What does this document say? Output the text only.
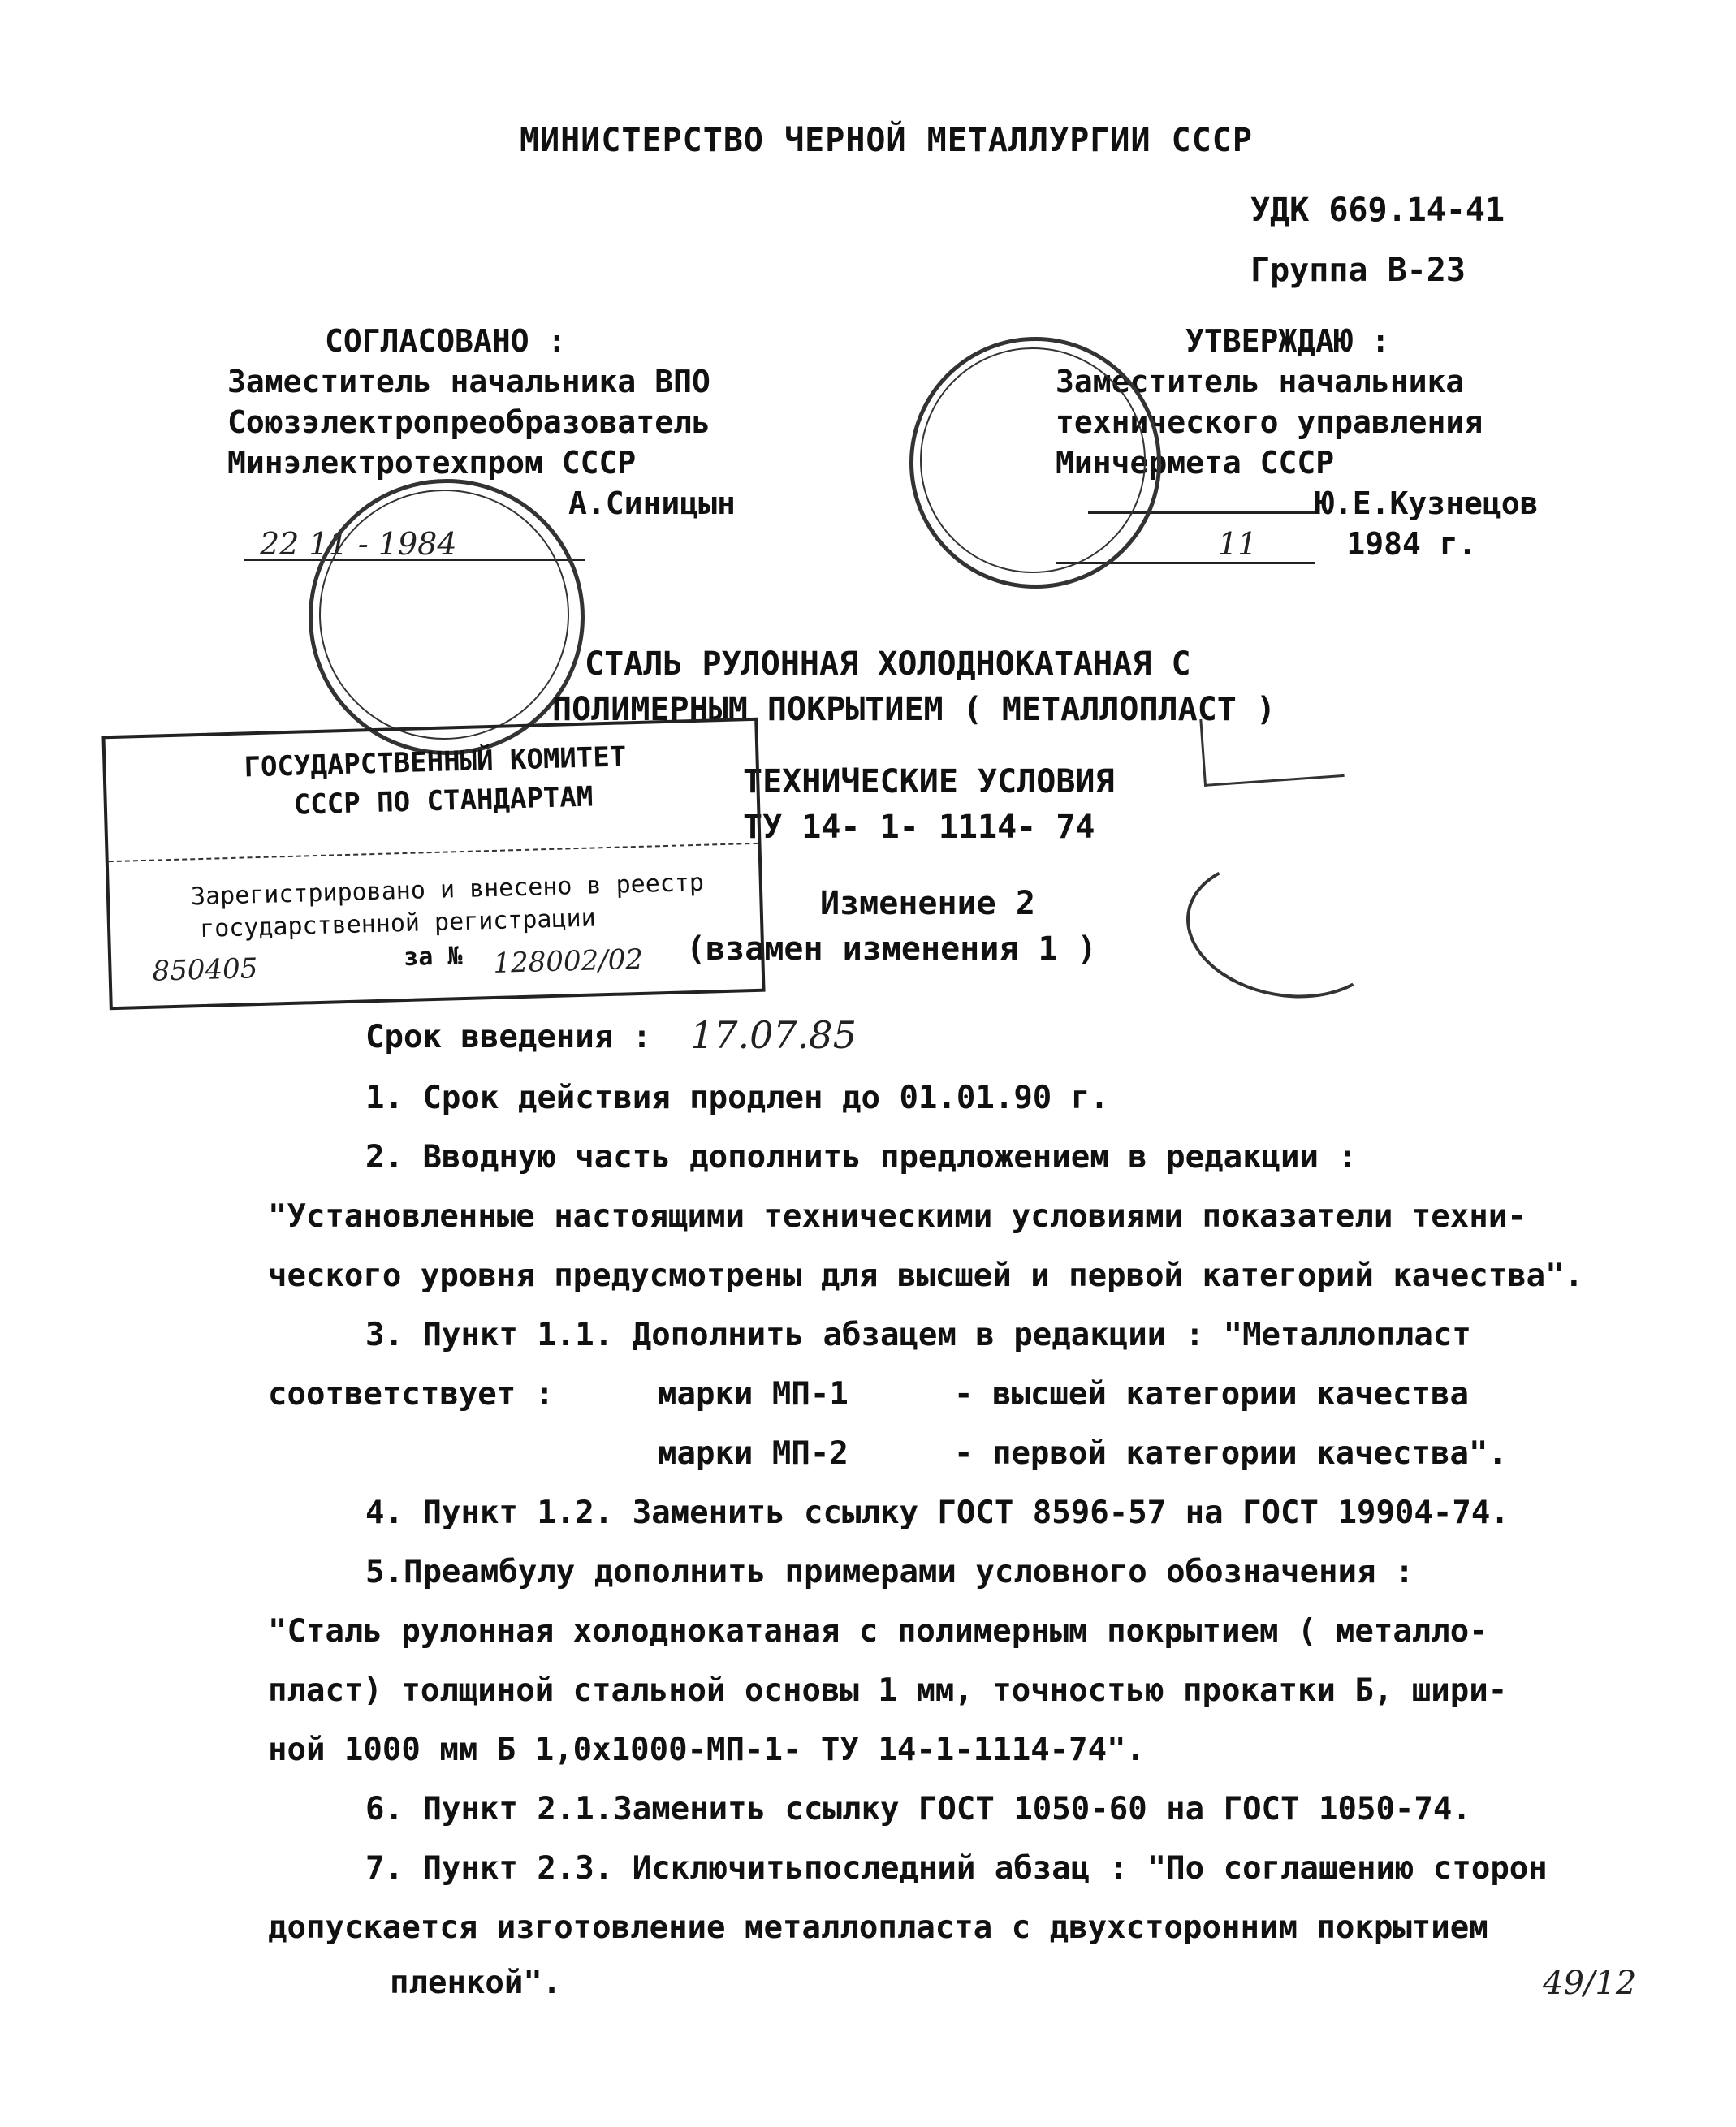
МИНИСТЕРСТВО ЧЕРНОЙ МЕТАЛЛУРГИИ СССР
УДК 669.14-41
Группа В-23
СОГЛАСОВАНО :
Заместитель начальника ВПО
Союзэлектропреобразователь
Минэлектротехпром СССР
А.Синицын
22 11 - 1984
УТВЕРЖДАЮ :
Заместитель начальника
технического управления
Минчермета СССР
Ю.Е.Кузнецов
11	1984 г.
СТАЛЬ РУЛОННАЯ ХОЛОДНОКАТАНАЯ С
ПОЛИМЕРНЫМ ПОКРЫТИЕМ ( МЕТАЛЛОПЛАСТ )
ТЕХНИЧЕСКИЕ УСЛОВИЯ
ТУ 14- 1- 1114- 74
Изменение 2
(взамен изменения 1 )
ГОСУДАРСТВЕННЫЙ КОМИТЕТ
СССР ПО СТАНДАРТАМ
Зарегистрировано и внесено в реестр
государственной регистрации
850405	за № 128002/02
Срок введения : 17.07.85
1. Срок действия продлен до 01.01.90 г.
2. Вводную часть дополнить предложением в редакции :
"Установленные настоящими техническими условиями показатели техни-
ческого уровня предусмотрены для высшей и первой категорий качества".
3. Пункт 1.1. Дополнить абзацем в редакции : "Металлопласт
соответствует :	марки МП-1	- высшей категории качества
марки МП-2	- первой категории качества".
4. Пункт 1.2. Заменить ссылку ГОСТ 8596-57 на ГОСТ 19904-74.
5.Преамбулу дополнить примерами условного обозначения :
"Сталь рулонная холоднокатаная с полимерным покрытием ( металло-
пласт) толщиной стальной основы 1 мм, точностью прокатки Б, шири-
ной 1000 мм Б 1,0х1000-МП-1- ТУ 14-1-1114-74".
6. Пункт 2.1.Заменить ссылку ГОСТ 1050-60 на ГОСТ 1050-74.
7. Пункт 2.3. Исключитьпоследний абзац : "По соглашению сторон
допускается изготовление металлопласта с двухсторонним покрытием
пленкой".	49/12
